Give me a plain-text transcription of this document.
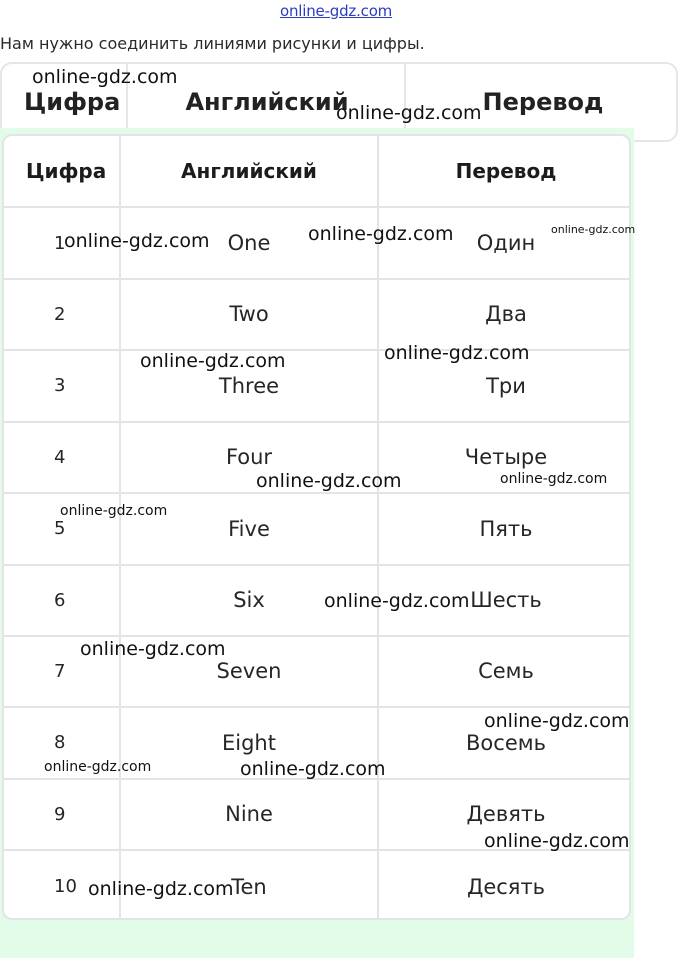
online-gdz.com
Нам нужно соединить линиями рисунки и цифры.
Цифра	Английский	Перевод
Цифра	Английский	Перевод
1	One	Один
2	Two	Два
3	Three	Три
4	Four	Четыре
5	Five	Пять
6	Six	Шесть
7	Seven	Семь
8	Eight	Восемь
9	Nine	Девять
10	Ten	Десять
online-gdz.com
online-gdz.com
online-gdz.com	online-gdz.com	online-gdz.com
online-gdz.com	online-gdz.com
online-gdz.com	online-gdz.com
online-gdz.com
online-gdz.com
online-gdz.com
online-gdz.com
online-gdz.com	online-gdz.com
online-gdz.com
online-gdz.com
